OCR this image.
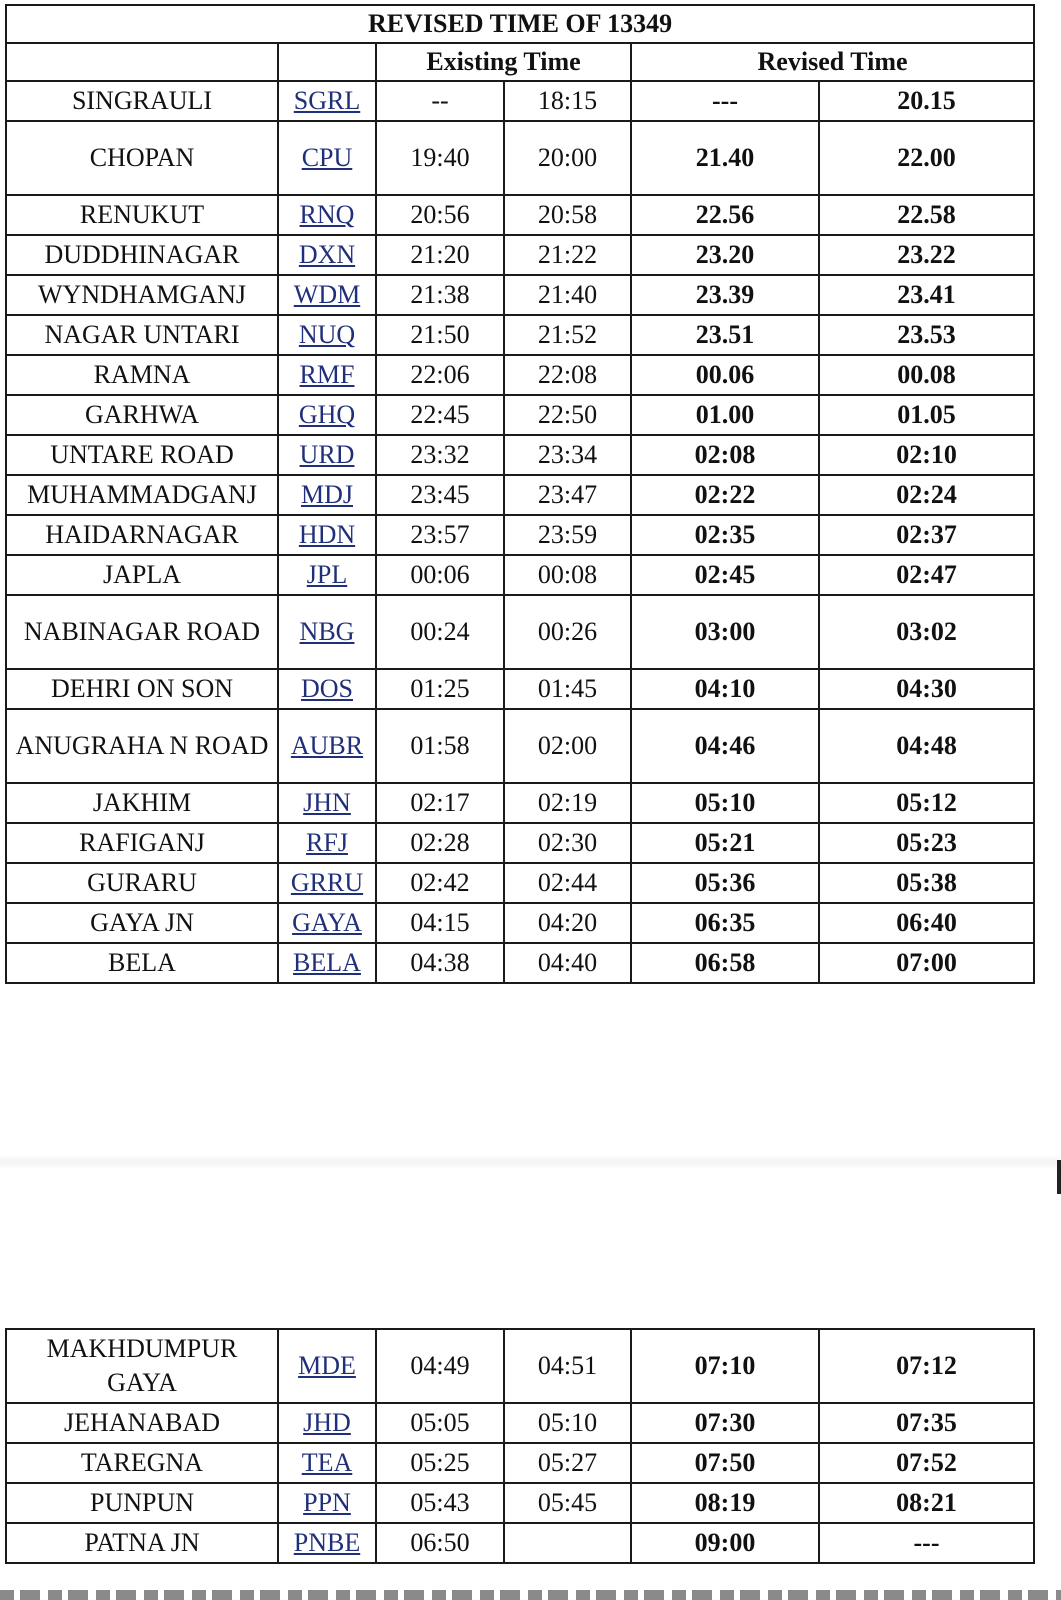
REVISED TIME OF 13349					
		Existing Time		Revised Time	
SINGRAULI	SGRL	--	18:15	---	20.15
CHOPAN	CPU	19:40	20:00	21.40	22.00
RENUKUT	RNQ	20:56	20:58	22.56	22.58
DUDDHINAGAR	DXN	21:20	21:22	23.20	23.22
WYNDHAMGANJ	WDM	21:38	21:40	23.39	23.41
NAGAR UNTARI	NUQ	21:50	21:52	23.51	23.53
RAMNA	RMF	22:06	22:08	00.06	00.08
GARHWA	GHQ	22:45	22:50	01.00	01.05
UNTARE ROAD	URD	23:32	23:34	02:08	02:10
MUHAMMADGANJ	MDJ	23:45	23:47	02:22	02:24
HAIDARNAGAR	HDN	23:57	23:59	02:35	02:37
JAPLA	JPL	00:06	00:08	02:45	02:47
NABINAGAR ROAD	NBG	00:24	00:26	03:00	03:02
DEHRI ON SON	DOS	01:25	01:45	04:10	04:30
ANUGRAHA N ROAD	AUBR	01:58	02:00	04:46	04:48
JAKHIM	JHN	02:17	02:19	05:10	05:12
RAFIGANJ	RFJ	02:28	02:30	05:21	05:23
GURARU	GRRU	02:42	02:44	05:36	05:38
GAYA JN	GAYA	04:15	04:20	06:35	06:40
BELA	BELA	04:38	04:40	06:58	07:00
MAKHDUMPUR GAYA	MDE	04:49	04:51	07:10	07:12
JEHANABAD	JHD	05:05	05:10	07:30	07:35
TAREGNA	TEA	05:25	05:27	07:50	07:52
PUNPUN	PPN	05:43	05:45	08:19	08:21
PATNA JN	PNBE	06:50		09:00	---
